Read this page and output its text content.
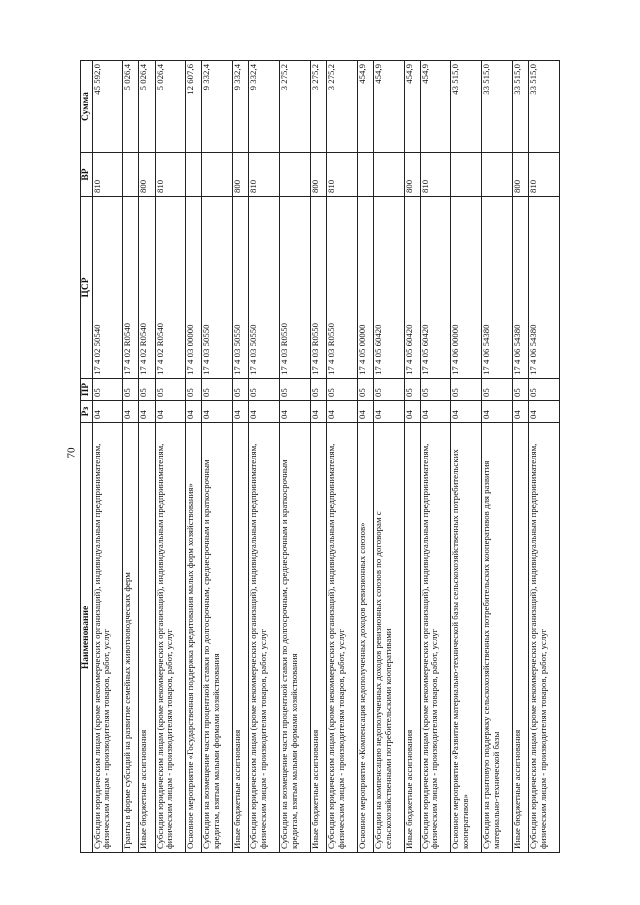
70
Наименование	Рз	ПР	ЦСР	ВР	Сумма
Субсидии юридическим лицам (кроме некоммерческих организаций), индивидуальным предпринимателям, физическим лицам - производителям товаров, работ, услуг	04	05	17 4 02 50540	810	45 592,0
Гранты в форме субсидий на развитие семейных животноводческих ферм	04	05	17 4 02 R0540		5 026,4
Иные бюджетные ассигнования	04	05	17 4 02 R0540	800	5 026,4
Субсидии юридическим лицам (кроме некоммерческих организаций), индивидуальным предпринимателям, физическим лицам - производителям товаров, работ, услуг	04	05	17 4 02 R0540	810	5 026,4
Основное мероприятие «Государственная поддержка кредитования малых форм хозяйствования»	04	05	17 4 03 00000		12 607,6
Субсидии на возмещение части процентной ставки по долгосрочным, среднесрочным и краткосрочным кредитам, взятым малыми формами хозяйствования	04	05	17 4 03 50550		9 332,4
Иные бюджетные ассигнования	04	05	17 4 03 50550	800	9 332,4
Субсидии юридическим лицам (кроме некоммерческих организаций), индивидуальным предпринимателям, физическим лицам - производителям товаров, работ, услуг	04	05	17 4 03 50550	810	9 332,4
Субсидии на возмещение части процентной ставки по долгосрочным, среднесрочным и краткосрочным кредитам, взятым малыми формами хозяйствования	04	05	17 4 03 R0550		3 275,2
Иные бюджетные ассигнования	04	05	17 4 03 R0550	800	3 275,2
Субсидии юридическим лицам (кроме некоммерческих организаций), индивидуальным предпринимателям, физическим лицам - производителям товаров, работ, услуг	04	05	17 4 03 R0550	810	3 275,2
Основное мероприятие «Компенсация недополученных доходов ревизионных союзов»	04	05	17 4 05 00000		454,9
Субсидии на компенсацию недополученных доходов ревизионных союзов по договорам с сельскохозяйственными потребительскими кооперативами	04	05	17 4 05 60420		454,9
Иные бюджетные ассигнования	04	05	17 4 05 60420	800	454,9
Субсидии юридическим лицам (кроме некоммерческих организаций), индивидуальным предпринимателям, физическим лицам - производителям товаров, работ, услуг	04	05	17 4 05 60420	810	454,9
Основное мероприятие «Развитие материально-технической базы сельскохозяйственных потребительских кооперативов»	04	05	17 4 06 00000		43 515,0
Субсидии на грантовую поддержку сельскохозяйственных потребительских кооперативов для развития материально-технической базы	04	05	17 4 06 54380		33 515,0
Иные бюджетные ассигнования	04	05	17 4 06 54380	800	33 515,0
Субсидии юридическим лицам (кроме некоммерческих организаций), индивидуальным предпринимателям, физическим лицам - производителям товаров, работ, услуг	04	05	17 4 06 54380	810	33 515,0
